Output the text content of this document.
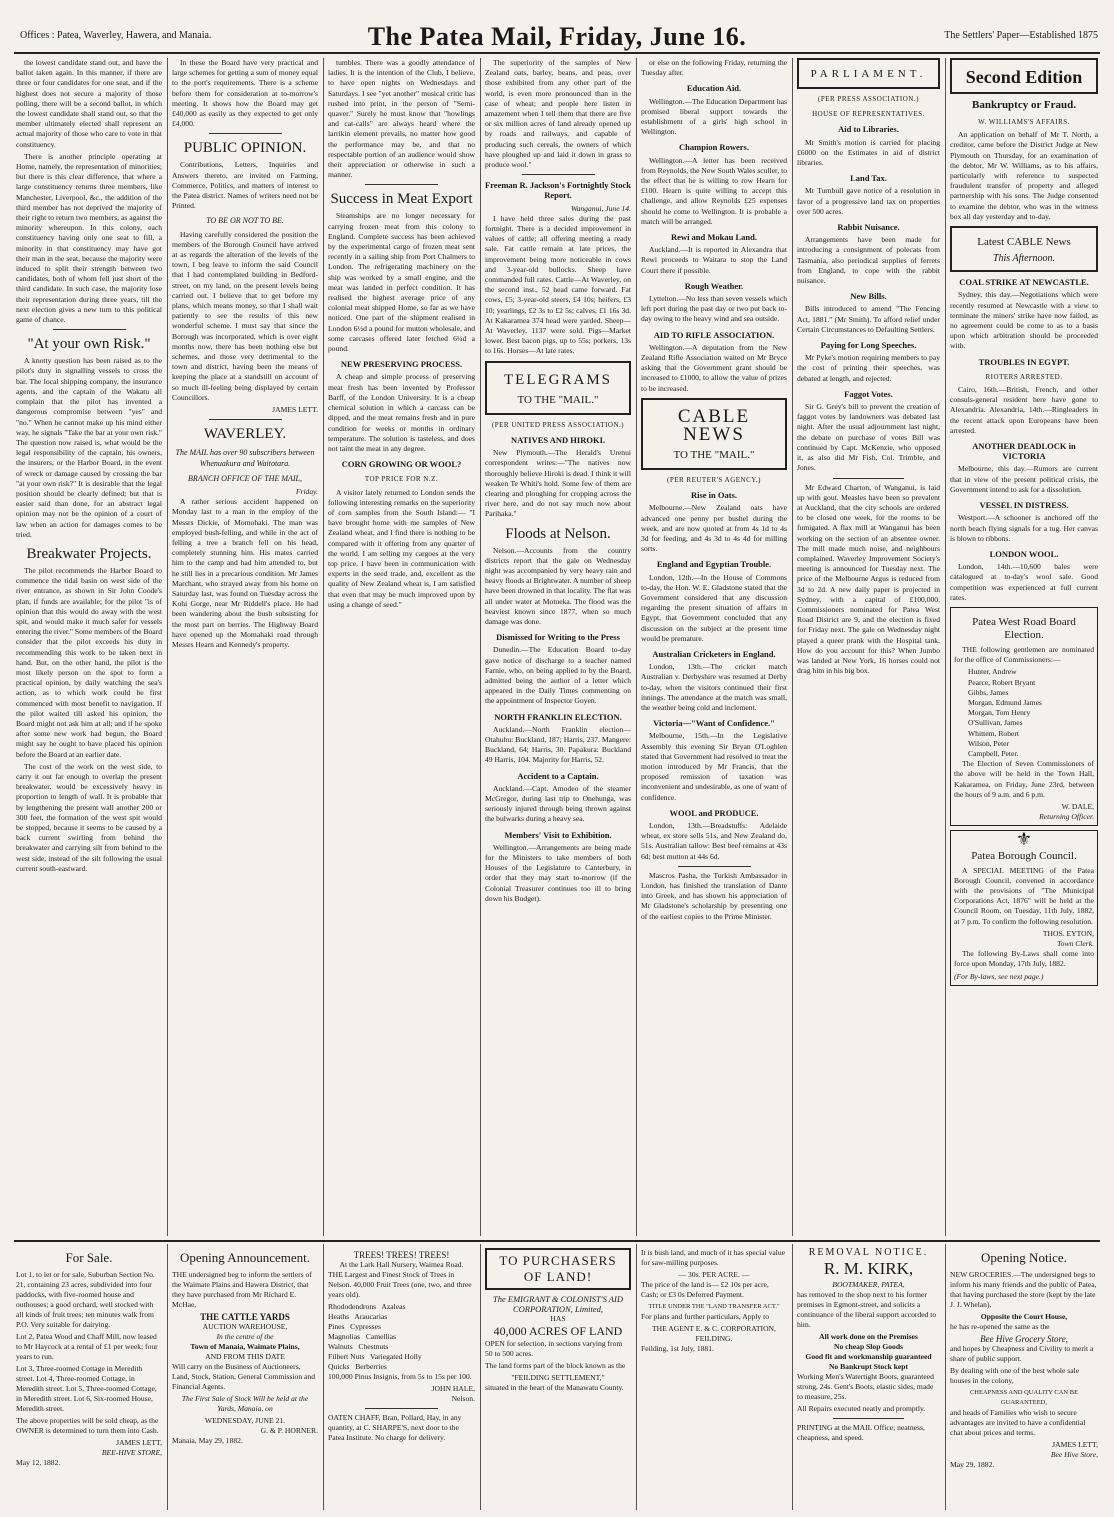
Offices : Patea, Waverley, Hawera, and Manaia.	The Patea Mail, Friday, June 16.	The Settlers' Paper—Established 1875

the lowest candidate stand out, and have the ballot taken again. In this manner, if there are three or four candidates for one seat, and if the highest does not secure a majority of those polling, there will be a second ballot, in which the lowest candidate shall stand out, so that the member ultimately elected shall represent an actual majority of those who care to vote in that constituency.

There is another principle operating at Home, namely, the representation of minorities; but there is this clear difference, that where a large constituency returns three members, like Manchester, Liverpool, &c., the addition of the third member has not deprived the majority of their right to return two members, as against the minority whereupon. In this colony, each constituency having only one seat to fill, a minority in that constituency may have got their man in the seat, because the majority were induced to split their strength between two candidates, both of whom fell just short of the third candidate. In such case, the majority lose their representation during three years, till the next election gives a new turn to this political game of chance.

"At your own Risk."

A knotty question has been raised as to the pilot's duty in signalling vessels to cross the bar. The local shipping company, the insurance agents, and the captain of the Wakatu all complain that the pilot has invented a dangerous compromise between "yes" and "no." When he cannot make up his mind either way, he signals "Take the bar at your own risk." The question now raised is, what would be the legal responsibility of the captain, his owners, the insurers, or the Harbor Board, in the event of wreck or damage caused by crossing the bar "at your own risk?" It is desirable that the legal position should be clearly defined; but that is easier said than done, for an abstract legal opinion may not be the opinion of a court of law when an action for damages comes to be tried.

Breakwater Projects.

The pilot recommends the Harbor Board to commence the tidal basin on west side of the river entrance, as shown in Sir John Coode's plan, if funds are available; for the pilot "is of opinion that this would do away with the west spit, and would make it much safer for vessels entering the river." Some members of the Board consider that the pilot exceeds his duty in recommending this work to be taken next in hand. But, on the other hand, the pilot is the most likely person on the spot to form a practical opinion, by daily watching the sea's action, as to which work could be first commenced with most benefit to navigation. If the pilot waited till asked his opinion, the Board might not ask him at all; and if he spoke after some new work had begun, the Board might say he ought to have placed his opinion before the Board at an earlier date.

The cost of the work on the west side, to carry it out far enough to overlap the present breakwater, would be excessively heavy in proportion to length of wall. It is probable that by lengthening the present wall another 200 or 300 feet, the formation of the west spit would be stopped, because it seems to be caused by a back current swirling from behind the breakwater and carrying silt from behind to the west side, instead of the silt following the usual current south-eastward.

In these the Board have very practical and large schemes for getting a sum of money equal to the port's requirements. There is a scheme before them for consideration at to-morrow's meeting. It shows how the Board may get £40,000 as easily as they expected to get only £4,000.

PUBLIC OPINION.

Contributions, Letters, Inquiries and Answers thereto, are invited on Farming, Commerce, Politics, and matters of interest to the Patea district. Names of writers need not be Printed.

TO BE OR NOT TO BE.

Having carefully considered the position the members of the Borough Council have arrived at as regards the alteration of the levels of the town, I beg leave to inform the said Council that I had contemplated building in Bedford-street, on my land, on the present levels being carried out. I believe that to get before my plans, which means money, so that I shall wait patiently to see the results of this new wonderful scheme. I must say that since the Borough was incorporated, which is over eight months now, there has been nothing else but schemes, and those very detrimental to the town and district, having been the means of keeping the place at a standstill on account of so much ill-feeling being displayed by certain Councillors.

JAMES LETT.
WAVERLEY.
The MAIL has over 90 subscribers between Whenuakura and Waitotara.
BRANCH OFFICE OF THE MAIL,
Friday.

A rather serious accident happened on Monday last to a man in the employ of the Messrs Dickie, of Momohaki. The man was employed bush-felling, and while in the act of felling a tree a branch fell on his head, completely stunning him. His mates carried him to the camp and had him attended to, but he still lies in a precarious condition. Mr James Marchant, who strayed away from his home on Saturday last, was found on Tuesday across the Kohi Gorge, near Mr Riddell's place. He had been wandering about the bush subsisting for the most part on berries. The Highway Board have opened up the Momahaki road through Messrs Hearn and Kennedy's property.

tumbles. There was a goodly attendance of ladies. It is the intention of the Club, I believe, to have open nights on Wednesdays and Saturdays. I see "yet another" musical critic has rushed into print, in the person of "Semi-quaver." Surely he must know that "howlings and cat-calls" are always heard where the larrikin element prevails, no matter how good the performance may be, and that no respectable portion of an audience would show their appreciation or otherwise in such a manner.

Success in Meat Export

Steamships are no longer necessary for carrying frozen meat from this colony to England. Complete success has been achieved by the experimental cargo of frozen meat sent recently in a sailing ship from Port Chalmers to London. The refrigerating machinery on the ship was worked by a small engine, and the meat was landed in perfect condition. It has realised the highest average price of any colonial meat shipped Home, so far as we have noticed. One part of the shipment realised in London 6½d a pound for mutton wholesale, and some carcases offered later fetched 6¼d a pound.

NEW PRESERVING PROCESS.

A cheap and simple process of preserving meat fresh has been invented by Professor Barff, of the London University. It is a cheap chemical solution in which a carcass can be dipped, and the meat remains fresh and in pure condition for weeks or months in ordinary temperature. The solution is tasteless, and does not taint the meat in any degree.

CORN GROWING OR WOOL?
TOP PRICE FOR N.Z.

A visitor lately returned to London sends the following interesting remarks on the superiority of corn samples from the South Island:— "I have brought home with me samples of New Zealand wheat, and I find there is nothing to be compared with it offering from any quarter of the world. I am selling my cargoes at the very top price. I have been in communication with experts in the seed trade, and, excellent as the quality of New Zealand wheat is, I am satisfied that even that may be much improved upon by using a change of seed."

The superiority of the samples of New Zealand oats, barley, beans, and peas, over those exhibited from any other part of the world, is even more pronounced than in the case of wheat; and people here listen in amazement when I tell them that there are five or six million acres of land already opened up by roads and railways, and capable of producing such cereals, the owners of which have ploughed up and laid it down in grass to produce wool."

Freeman R. Jackson's Fortnightly Stock Report.
Wanganui, June 14.

I have held three sales during the past fortnight. There is a decided improvement in values of cattle; all offering meeting a ready sale. Fat cattle remain at late prices, the improvement being more noticeable in cows and 3-year-old bullocks. Sheep have commanded full rates. Cattle—At Waverley, on the second inst., 52 head came forward. Fat cows, £5; 3-year-old steers, £4 10s; heifers, £3 10; yearlings, £2 3s to £2 5s; calves, £1 16s 3d. At Kakaramea 374 head were yarded. Sheep—At Waverley, 1137 were sold. Pigs—Market lower. Best bacon pigs, up to 55s; porkers, 13s to 16s. Horses—At late rates.

TELEGRAMS
TO THE "MAIL."
(PER UNITED PRESS ASSOCIATION.)
NATIVES AND HIROKI.

New Plymouth.—The Herald's Urenui correspondent writes:—"The natives now thoroughly believe Hiroki is dead. I think it will weaken Te Whiti's hold. Some few of them are clearing and ploughing for cropping across the river here, and do not say much now about Parihaka."

Floods at Nelson.

Nelson.—Accounts from the country districts report that the gale on Wednesday night was accompanied by very heavy rain and heavy floods at Brightwater. A number of sheep have been drowned in that locality. The flat was all under water at Motueka. The flood was the heaviest known since 1877, when so much damage was done.

Dismissed for Writing to the Press

Dunedin.—The Education Board to-day gave notice of discharge to a teacher named Farnie, who, on being applied to by the Board, admitted being the author of a letter which appeared in the Daily Times commenting on the appointment of Inspector Goyen.

NORTH FRANKLIN ELECTION.

Auckland.—North Franklin election—Otahuhu: Buckland, 187; Harris, 237. Mangere: Buckland, 64; Harris, 30. Papakura: Buckland 49 Harris, 104. Majority for Harris, 52.

Accident to a Captain.

Auckland.—Capt. Amodeo of the steamer McGregor, during last trip to Onehunga, was seriously injured through being thrown against the bulwarks during a heavy sea.

Members' Visit to Exhibition.

Wellington.—Arrangements are being made for the Ministers to take members of both Houses of the Legislature to Canterbury, in order that they may start to-morrow (if the Colonial Treasurer continues too ill to bring down his Budget).

or else on the following Friday, returning the Tuesday after.

Education Aid.

Wellington.—The Education Department has promised liberal support towards the establishment of a girls' high school in Wellington.

Champion Rowers.

Wellington.—A letter has been received from Reynolds, the New South Wales sculler, to the effect that he is willing to row Hearn for £100. Hearn is quite willing to accept this challenge, and allow Reynolds £25 expenses should he come to Wellington. It is probable a match will be arranged.

Rewi and Mokau Land.

Auckland.—It is reported in Alexandra that Rewi proceeds to Waitara to stop the Land Court there if possible.

Rough Weather.

Lyttelton.—No less than seven vessels which left port during the past day or two put back to-day owing to the heavy wind and sea outside.

AID TO RIFLE ASSOCIATION.

Wellington.—A deputation from the New Zealand Rifle Association waited on Mr Bryce asking that the Government grant should be increased to £1000, to allow the value of prizes to be increased.

CABLE NEWS
TO THE "MAIL."
(PER REUTER'S AGENCY.)
Rise in Oats.

Melbourne.—New Zealand oats have advanced one penny per bushel during the week, and are now quoted at from 4s 1d to 4s 3d for feeding, and 4s 3d to 4s 4d for milling sorts.

England and Egyptian Trouble.

London, 12th.—In the House of Commons to-day, the Hon. W. E. Gladstone stated that the Government considered that any discussion regarding the present situation of affairs in Egypt, that Government concluded that any discussion on the subject at the present time would be premature.

Australian Cricketers in England.

London, 13th.—The cricket match Australian v. Derbyshire was resumed at Derby to-day, when the visitors continued their first innings. The attendance at the match was small, the weather being cold and inclement.

Victoria—"Want of Confidence."

Melbourne, 15th.—In the Legislative Assembly this evening Sir Bryan O'Loghlen stated that Government had resolved to treat the motion introduced by Mr Francis, that the proposed remission of taxation was inconvenient and undesirable, as one of want of confidence.

WOOL and PRODUCE.

London, 13th.—Breadstuffs: Adelaide wheat, ex store sells 51s, and New Zealand do, 51s. Australian tallow: Best beef remains at 43s 6d; best mutton at 44s 6d.

Mascros Pasha, the Turkish Ambassador in London, has finished the translation of Dante into Greek, and has shown his appreciation of Mr Gladstone's scholarship by presenting one of the earliest copies to the Prime Minister.

PARLIAMENT.
(PER PRESS ASSOCIATION.)
HOUSE OF REPRESENTATIVES.
Aid to Libraries.

Mr Smith's motion is carried for placing £6000 on the Estimates in aid of district libraries.

Land Tax.

Mr Turnbull gave notice of a resolution in favor of a progressive land tax on properties over 500 acres.

Rabbit Nuisance.

Arrangements have been made for introducing a consignment of polecats from Tasmania, also periodical supplies of ferrets from England, to cope with the rabbit nuisance.

New Bills.

Bills introduced to amend "The Fencing Act, 1881." (Mr Smith). To afford relief under Certain Circumstances to Defaulting Settlers.

Paying for Long Speeches.

Mr Pyke's motion requiring members to pay the cost of printing their speeches, was debated at length, and rejected.

Faggot Votes.

Sir G. Grey's bill to prevent the creation of faggot votes by landowners was debated last night. After the usual adjournment last night, the debate on purchase of votes Bill was continued by Capt. McKenzie, who opposed it, as also did Mr Fish, Col. Trimble, and Jones.

Mr Edward Charton, of Wanganui, is laid up with gout. Measles have been so prevalent at Auckland, that the city schools are ordered to be closed one week, for the rooms to be fumigated. A flax mill at Wanganui has been working on the section of an absentee owner. The mill made much noise, and neighbours complained. Waverley Improvement Society's meeting is announced for Tuesday next. The price of the Melbourne Argus is reduced from 3d to 2d. A new daily paper is projected in Sydney, with a capital of £100,000. Commissioners nominated for Patea West Road District are 9, and the election is fixed for Friday next. The gale on Wednesday night played a queer prank with the Hospital tank. How do you account for this? When Jumbo was landed at New York, 16 horses could not drag him in his big box.

Second Edition
Bankruptcy or Fraud.
W. WILLIAMS'S AFFAIRS.

An application on behalf of Mr T. North, a creditor, came before the District Judge at New Plymouth on Thursday, for an examination of the debtor, Mr W. Williams, as to his affairs, particularly with reference to suspected fraudulent transfer of property and alleged partnership with his sons. The Judge consented to examine the debtor, who was in the witness box all day yesterday and to-day.

Latest CABLE News
This Afternoon.
COAL STRIKE AT NEWCASTLE.

Sydney, this day.—Negotiations which were recently resumed at Newcastle with a view to terminate the miners' strike have now failed, as no agreement could be come to as to a basis upon which arbitration should be proceeded with.

TROUBLES IN EGYPT.
RIOTERS ARRESTED.

Cairo, 16th.—British, French, and other consuls-general resident here have gone to Alexandria. Alexandria, 14th.—Ringleaders in the recent attack upon Europeans have been arrested.

ANOTHER DEADLOCK in VICTORIA

Melbourne, this day.—Rumors are current that in view of the present political crisis, the Government intend to ask for a dissolution.

VESSEL IN DISTRESS.

Westport.—A schooner is anchored off the north beach flying signals for a tug. Her canvas is blown to ribbons.

LONDON WOOL.

London, 14th.—10,600 bales were catalogued at to-day's wool sale. Good competition was experienced at full current rates.

Patea West Road Board Election.

THE following gentlemen are nominated for the office of Commissioners:—

Hunter, Andrew
Pearce, Robert Bryant
Gibbs, James
Morgan, Edmund James
Morgan, Tom Henry
O'Sullivan, James
Whittem, Robert
Wilson, Peter
Campbell, Peter.

The Election of Seven Commissioners of the above will be held in the Town Hall, Kakaramea, on Friday, June 23rd, between the hours of 9 a.m. and 6 p.m.

W. DALE,
Returning Officer.
⚜
Patea Borough Council.

A SPECIAL MEETING of the Patea Borough Council, convened in accordance with the provisions of "The Municipal Corporations Act, 1876" will be held at the Council Room, on Tuesday, 11th July, 1882, at 7 p.m. To confirm the following resolution.

THOS. EYTON,
Town Clerk.

The following By-Laws shall come into force upon Monday, 17th July, 1882.

(For By-laws, see next page.)
For Sale.

Lot 1, to let or for sale, Suburban Section No. 21, containing 23 acres, subdivided into four paddocks, with five-roomed house and outhouses; a good orchard, well stocked with all kinds of fruit trees; ten minutes walk from P.O. Very suitable for dairying.

Lot 2, Patea Wood and Chaff Mill, now leased to Mr Haycock at a rental of £1 per week; four years to run.

Lot 3, Three-roomed Cottage in Meredith street. Lot 4, Three-roomed Cottage, in Meredith street. Lot 5, Three-roomed Cottage, in Meredith street. Lot 6, Six-roomed House, Meredith street.

The above properties will be sold cheap, as the OWNER is determined to turn them into Cash.

JAMES LETT,
BEE-HIVE STORE,
May 12, 1882.
Opening Announcement.

THE undersigned beg to inform the settlers of the Waimate Plains and Hawera District, that they have purchased from Mr Richard E. McHae,

THE CATTLE YARDS
AUCTION WAREHOUSE,
In the centre of the
Town of Manaia, Waimate Plains,
AND FROM THIS DATE

Will carry on the Business of Auctioneers, Land, Stock, Station, General Commission and Financial Agents.

The First Sale of Stock Will be held at the Yards, Manaia, on

WEDNESDAY, JUNE 21.
G. & P. HORNER.
Manaia, May 29, 1882.
TREES! TREES! TREES!
At the Lark Hall Nursery, Waimea Road.

THE Largest and Finest Stock of Trees in Nelson. 40,000 Fruit Trees (one, two, and three years old).

Rhododendrons   Azaleas
Heaths   Araucarias
Pines   Cypresses
Magnolias   Camellias
Walnuts   Chestnuts
Filbert Nuts   Variegated Holly
Quicks   Berberries

100,000 Pinus Insignis, from 5s to 15s per 100.

JOHN HALE,
Nelson.

OATEN CHAFF, Bran, Pollard, Hay, in any quantity, at C. SHARPE'S, next door to the Patea Institute. No charge for delivery.

TO PURCHASERS
OF LAND!
The EMIGRANT & COLONIST'S AID CORPORATION, Limited,
HAS
40,000 ACRES OF LAND

OPEN for selection, in sections varying from 50 to 500 acres.

The land forms part of the block known as the

"FEILDING SETTLEMENT,"

situated in the heart of the Manawatu County.

It is bush land, and much of it has special value for saw-milling purposes.

— 30s. PER ACRE. —

The price of the land is— £2 10s per acre, Cash; or £3 0s Deferred Payment.

TITLE UNDER THE "LAND TRANSFER ACT."

For plans and further particulars, Apply to

THE AGENT E. & C. CORPORATION, FEILDING.
Feilding, 1st July, 1881.
REMOVAL NOTICE.
R. M. KIRK,
BOOTMAKER, PATEA,

has removed to the shop next to his former premises in Egmont-street, and solicits a continuance of the liberal support accorded to him.

All work done on the Premises
No cheap Slop Goods
Good fit and workmanship guaranteed
No Bankrupt Stock kept

Working Men's Watertight Boots, guaranteed strong, 24s. Gent's Boots, elastic sides, made to measure, 25s.

All Repairs executed neatly and promptly.

PRINTING at the MAIL Office; neatness, cheapness, and speed.

Opening Notice.

NEW GROCERIES.—The undersigned begs to inform his many friends and the public of Patea, that having purchased the store (kept by the late J. J. Whelan),

Opposite the Court House,

he has re-opened the same as the

Bee Hive Grocery Store,

and hopes by Cheapness and Civility to merit a share of public support.

By dealing with one of the best whole sale houses in the colony,

CHEAPNESS AND QUALITY CAN BE GUARANTEED,

and heads of Families who wish to secure advantages are invited to have a confidential chat about prices and terms.

JAMES LETT,
Bee Hive Store,
May 29, 1882.
